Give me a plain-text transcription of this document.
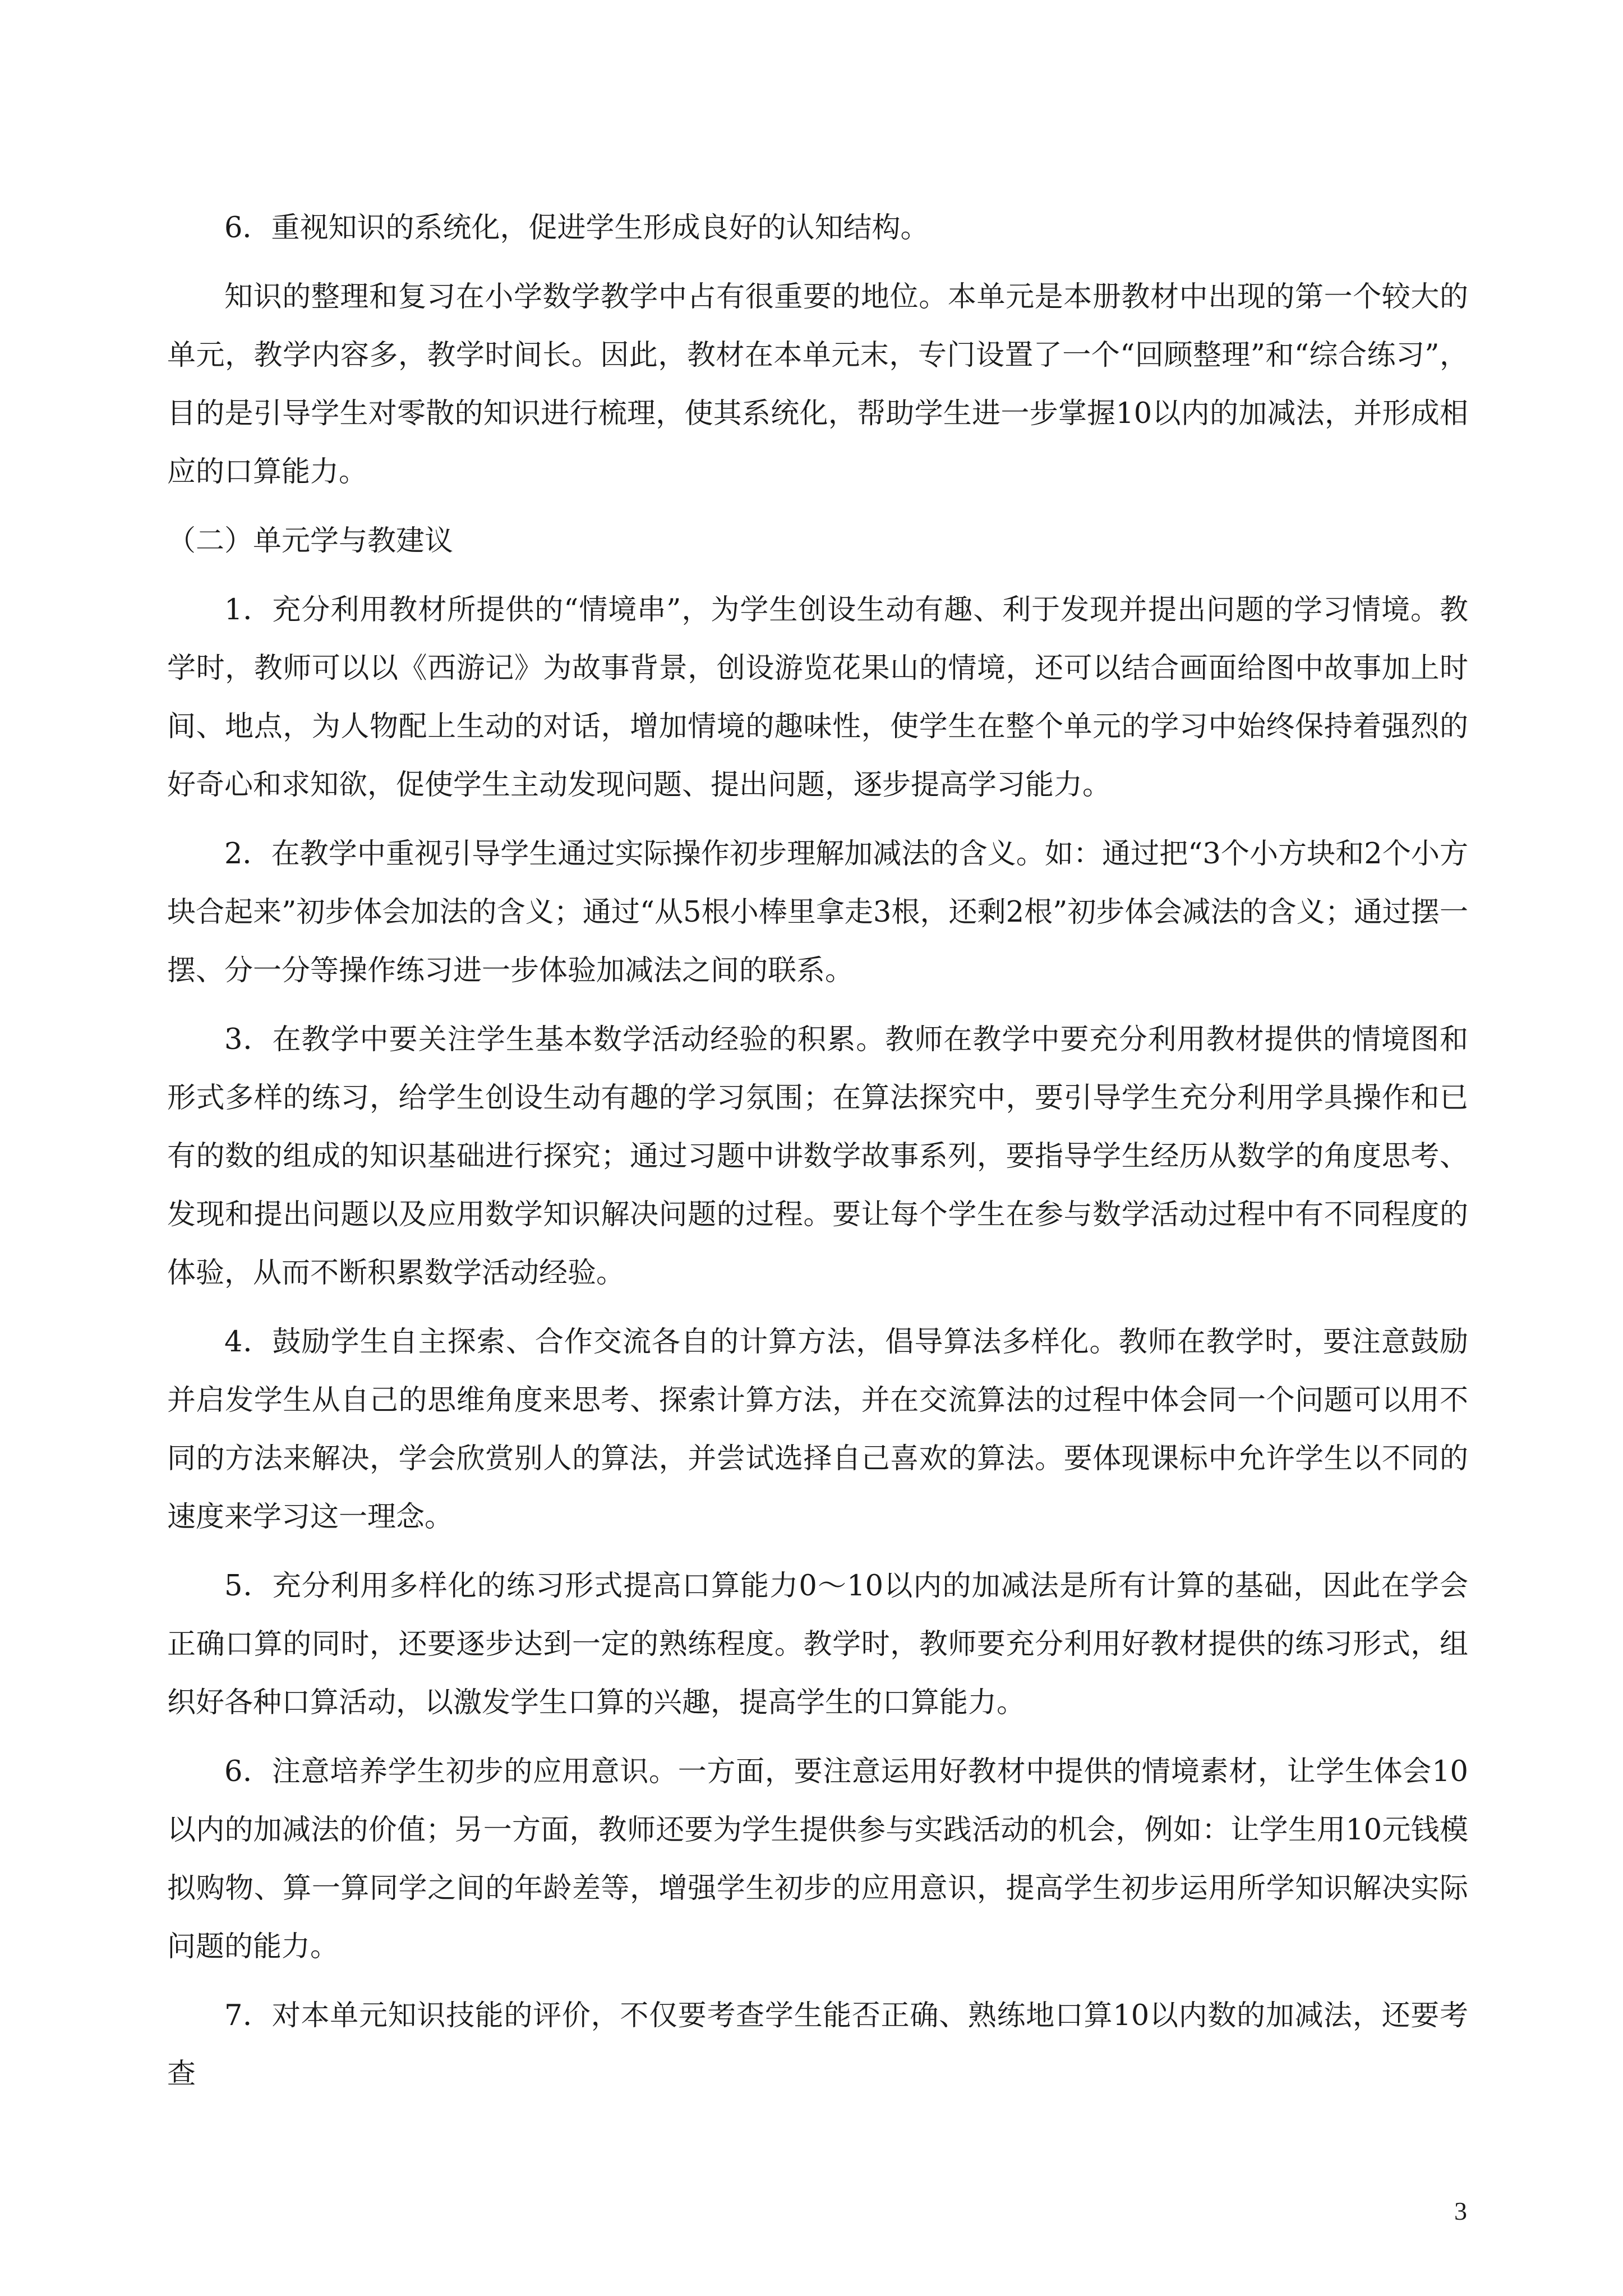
6．重视知识的系统化，促进学生形成良好的认知结构。

知识的整理和复习在小学数学教学中占有很重要的地位。本单元是本册教材中出现的第一个较大的单元，教学内容多，教学时间长。因此，教材在本单元末，专门设置了一个“回顾整理”和“综合练习”，目的是引导学生对零散的知识进行梳理，使其系统化，帮助学生进一步掌握10以内的加减法，并形成相应的口算能力。

（二）单元学与教建议

1．充分利用教材所提供的“情境串”，为学生创设生动有趣、利于发现并提出问题的学习情境。教学时，教师可以以《西游记》为故事背景，创设游览花果山的情境，还可以结合画面给图中故事加上时间、地点，为人物配上生动的对话，增加情境的趣味性，使学生在整个单元的学习中始终保持着强烈的好奇心和求知欲，促使学生主动发现问题、提出问题，逐步提高学习能力。

2．在教学中重视引导学生通过实际操作初步理解加减法的含义。如：通过把“3个小方块和2个小方块合起来”初步体会加法的含义；通过“从5根小棒里拿走3根，还剩2根”初步体会减法的含义；通过摆一摆、分一分等操作练习进一步体验加减法之间的联系。

3．在教学中要关注学生基本数学活动经验的积累。教师在教学中要充分利用教材提供的情境图和形式多样的练习，给学生创设生动有趣的学习氛围；在算法探究中，要引导学生充分利用学具操作和已有的数的组成的知识基础进行探究；通过习题中讲数学故事系列，要指导学生经历从数学的角度思考、发现和提出问题以及应用数学知识解决问题的过程。要让每个学生在参与数学活动过程中有不同程度的体验，从而不断积累数学活动经验。

4．鼓励学生自主探索、合作交流各自的计算方法，倡导算法多样化。教师在教学时，要注意鼓励并启发学生从自己的思维角度来思考、探索计算方法，并在交流算法的过程中体会同一个问题可以用不同的方法来解决，学会欣赏别人的算法，并尝试选择自己喜欢的算法。要体现课标中允许学生以不同的速度来学习这一理念。

5．充分利用多样化的练习形式提高口算能力0～10以内的加减法是所有计算的基础，因此在学会正确口算的同时，还要逐步达到一定的熟练程度。教学时，教师要充分利用好教材提供的练习形式，组织好各种口算活动，以激发学生口算的兴趣，提高学生的口算能力。

6．注意培养学生初步的应用意识。一方面，要注意运用好教材中提供的情境素材，让学生体会10以内的加减法的价值；另一方面，教师还要为学生提供参与实践活动的机会，例如：让学生用10元钱模拟购物、算一算同学之间的年龄差等，增强学生初步的应用意识，提高学生初步运用所学知识解决实际问题的能力。

7．对本单元知识技能的评价，不仅要考查学生能否正确、熟练地口算10以内数的加减法，还要考查

3
